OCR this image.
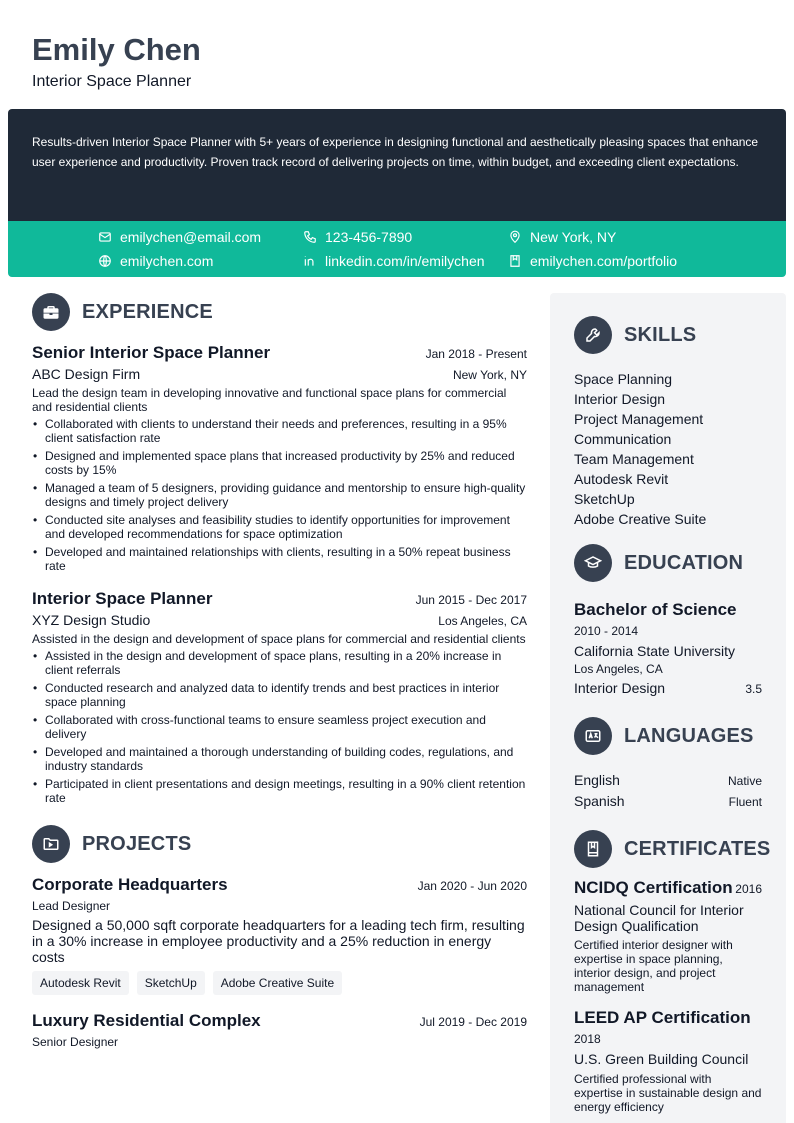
Emily Chen
Interior Space Planner

Results-driven Interior Space Planner with 5+ years of experience in designing functional and aesthetically pleasing spaces that enhance user experience and productivity. Proven track record of delivering projects on time, within budget, and exceeding client expectations.

emilychen@email.com	123-456-7890	New York, NY
emilychen.com	linkedin.com/in/emilychen	emilychen.com/portfolio
EXPERIENCE
Senior Interior Space Planner	Jan 2018 - Present
ABC Design Firm	New York, NY
Lead the design team in developing innovative and functional space plans for commercial and residential clients
• Collaborated with clients to understand their needs and preferences, resulting in a 95% client satisfaction rate
• Designed and implemented space plans that increased productivity by 25% and reduced costs by 15%
• Managed a team of 5 designers, providing guidance and mentorship to ensure high-quality designs and timely project delivery
• Conducted site analyses and feasibility studies to identify opportunities for improvement and developed recommendations for space optimization
• Developed and maintained relationships with clients, resulting in a 50% repeat business rate
Interior Space Planner	Jun 2015 - Dec 2017
XYZ Design Studio	Los Angeles, CA
Assisted in the design and development of space plans for commercial and residential clients
• Assisted in the design and development of space plans, resulting in a 20% increase in client referrals
• Conducted research and analyzed data to identify trends and best practices in interior space planning
• Collaborated with cross-functional teams to ensure seamless project execution and delivery
• Developed and maintained a thorough understanding of building codes, regulations, and industry standards
• Participated in client presentations and design meetings, resulting in a 90% client retention rate
PROJECTS
Corporate Headquarters	Jan 2020 - Jun 2020
Lead Designer
Designed a 50,000 sqft corporate headquarters for a leading tech firm, resulting in a 30% increase in employee productivity and a 25% reduction in energy costs
Autodesk Revit	SketchUp	Adobe Creative Suite
Luxury Residential Complex	Jul 2019 - Dec 2019
Senior Designer
SKILLS
Space Planning
Interior Design
Project Management
Communication
Team Management
Autodesk Revit
SketchUp
Adobe Creative Suite
EDUCATION
Bachelor of Science
2010 - 2014
California State University
Los Angeles, CA
Interior Design	3.5
LANGUAGES
English	Native
Spanish	Fluent
CERTIFICATES
NCIDQ Certification 2016
National Council for Interior Design Qualification
Certified interior designer with expertise in space planning, interior design, and project management
LEED AP Certification
2018
U.S. Green Building Council
Certified professional with expertise in sustainable design and energy efficiency
